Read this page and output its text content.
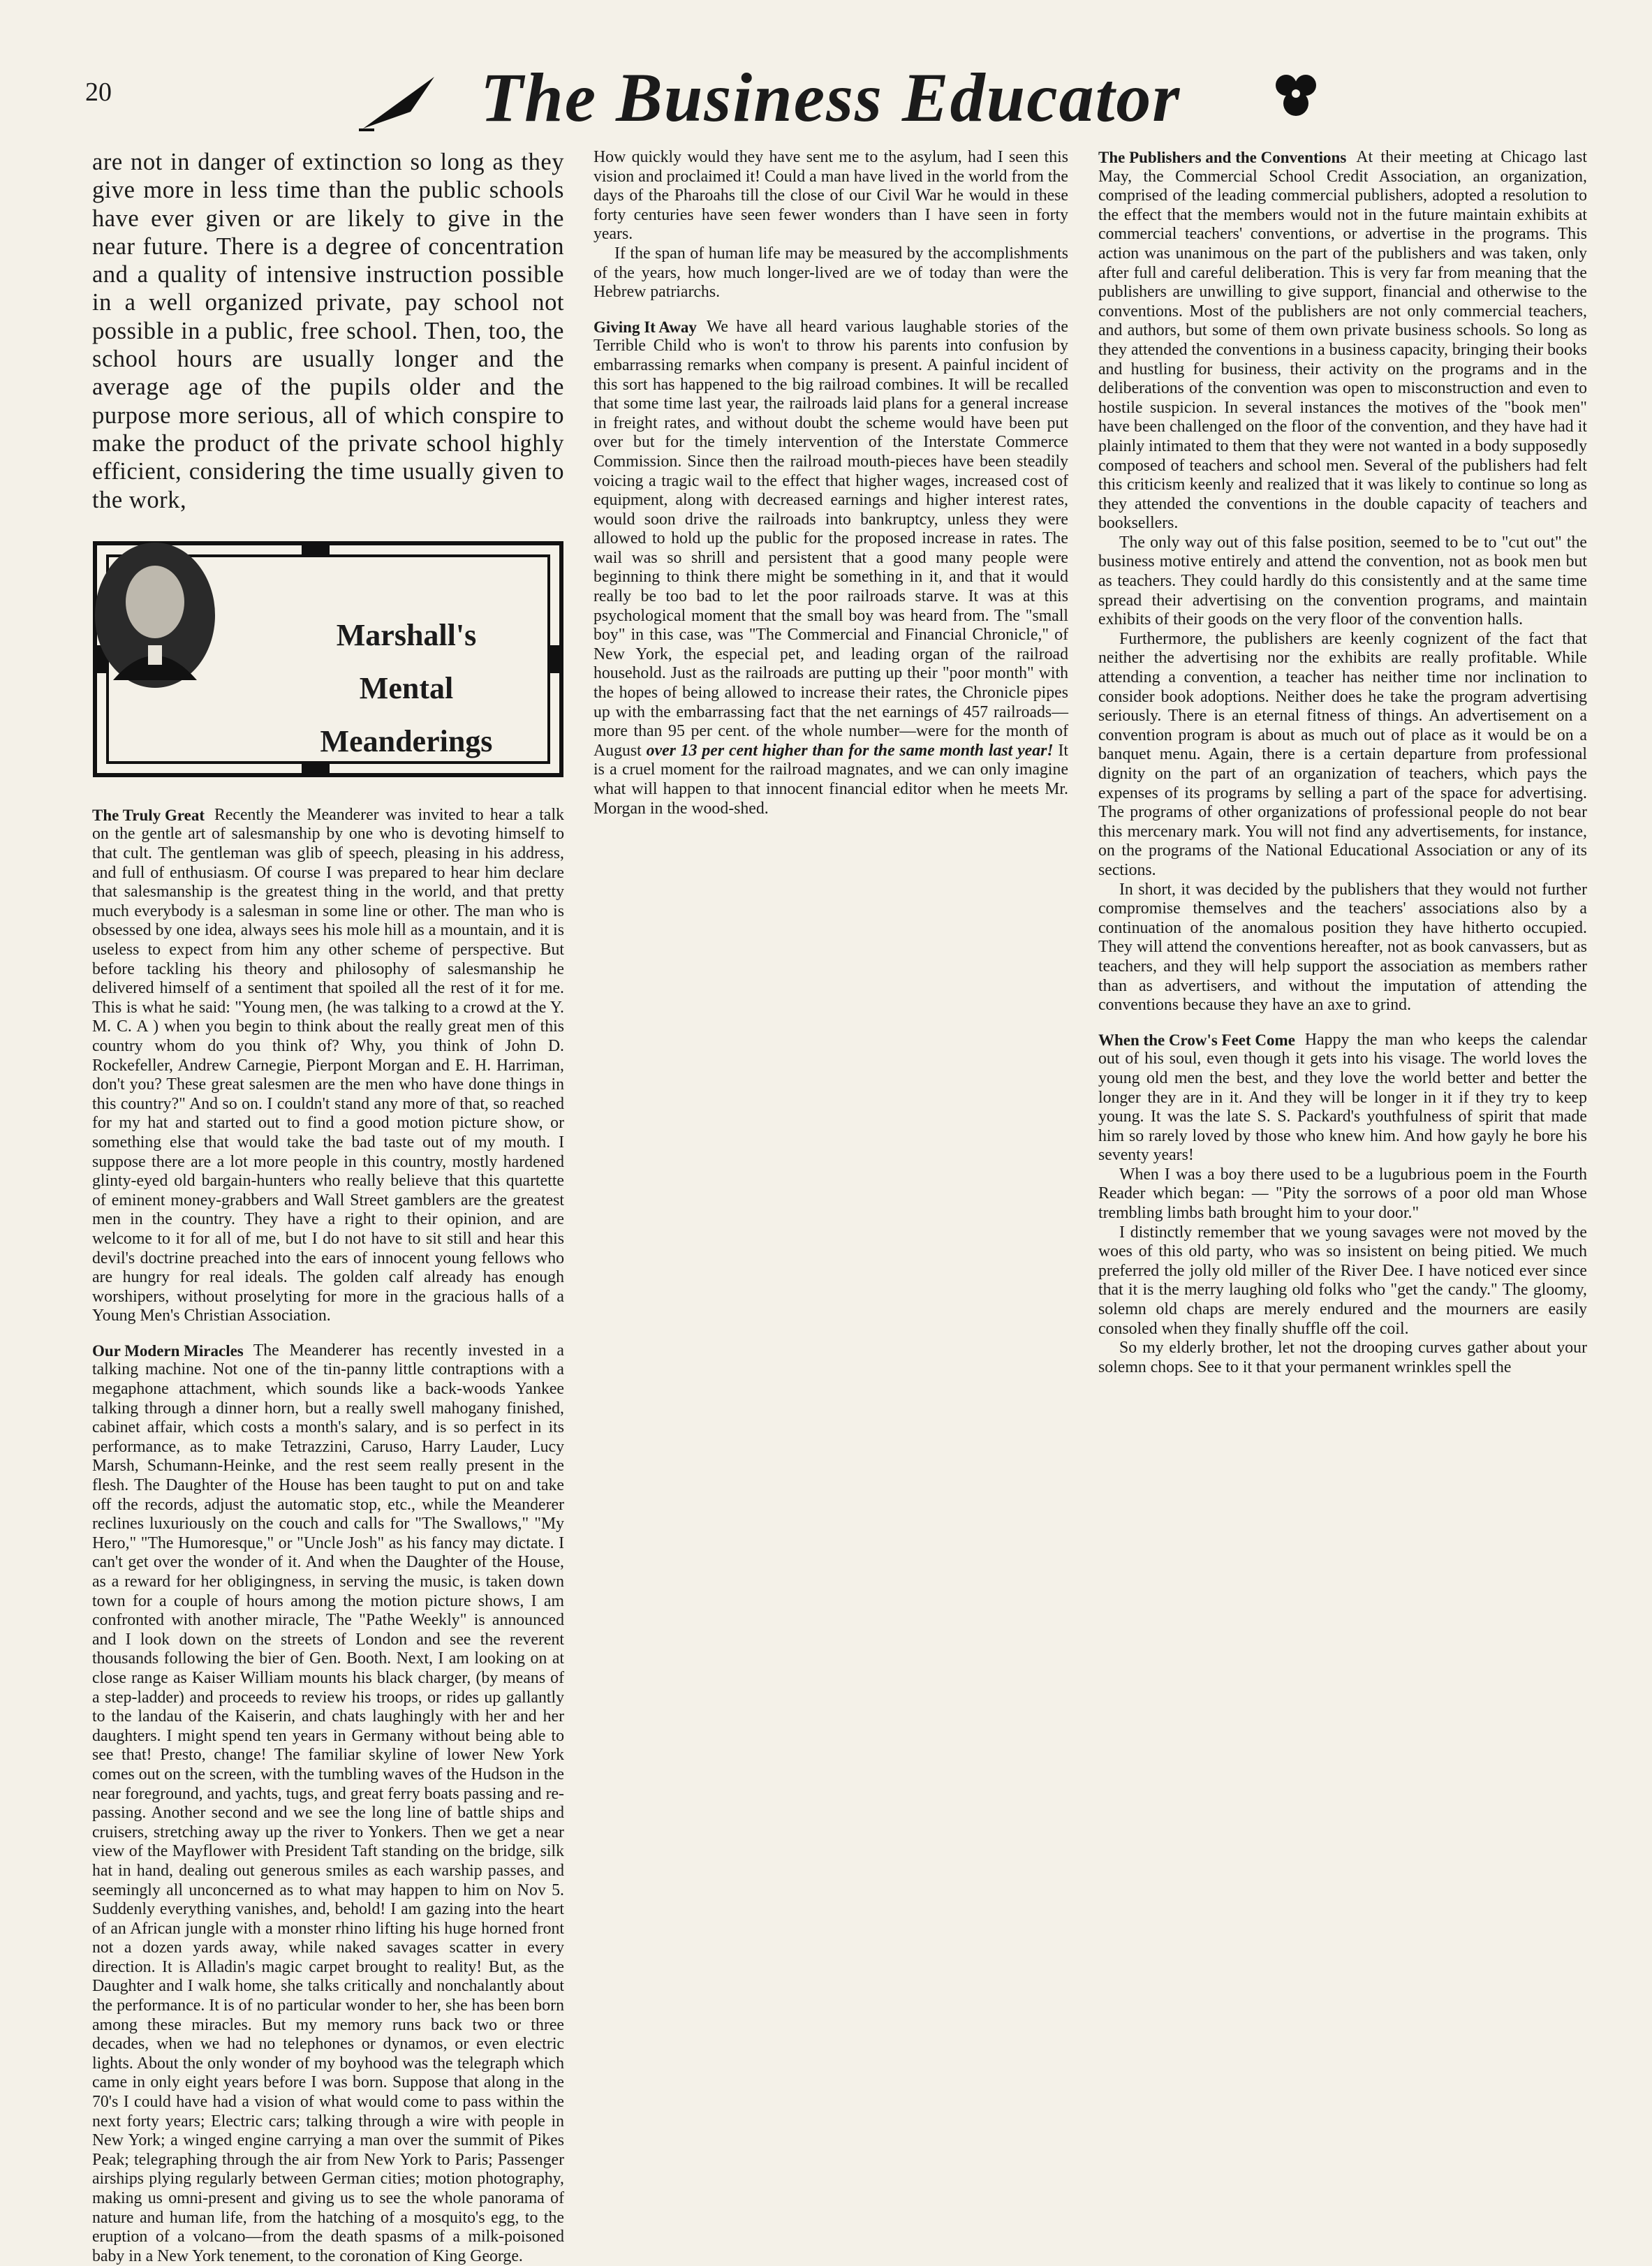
20	The Business Educator

are not in danger of extinction so long as they give more in less time than the public schools have ever given or are likely to give in the near future. There is a degree of concentration and a quality of intensive instruction possible in a well organized private, pay school not possible in a public, free school. Then, too, the school hours are usually longer and the average age of the pupils older and the purpose more serious, all of which conspire to make the product of the private school highly efficient, considering the time usually given to the work,

Marshall's
Mental
Meanderings

The Truly Great Recently the Meanderer was invited to hear a talk on the gentle art of salesmanship by one who is devoting himself to that cult. The gentleman was glib of speech, pleasing in his address, and full of enthusiasm. Of course I was prepared to hear him declare that salesmanship is the greatest thing in the world, and that pretty much everybody is a salesman in some line or other. The man who is obsessed by one idea, always sees his mole hill as a mountain, and it is useless to expect from him any other scheme of perspective. But before tackling his theory and philosophy of salesmanship he delivered himself of a sentiment that spoiled all the rest of it for me. This is what he said: "Young men, (he was talking to a crowd at the Y. M. C. A ) when you begin to think about the really great men of this country whom do you think of? Why, you think of John D. Rockefeller, Andrew Carnegie, Pierpont Morgan and E. H. Harriman, don't you? These great salesmen are the men who have done things in this country?" And so on. I couldn't stand any more of that, so reached for my hat and started out to find a good motion picture show, or something else that would take the bad taste out of my mouth. I suppose there are a lot more people in this country, mostly hardened glinty-eyed old bargain-hunters who really believe that this quartette of eminent money-grabbers and Wall Street gamblers are the greatest men in the country. They have a right to their opinion, and are welcome to it for all of me, but I do not have to sit still and hear this devil's doctrine preached into the ears of innocent young fellows who are hungry for real ideals. The golden calf already has enough worshipers, without proselyting for more in the gracious halls of a Young Men's Christian Association.

Our Modern Miracles The Meanderer has recently invested in a talking machine. Not one of the tin-panny little contraptions with a megaphone attachment, which sounds like a back-woods Yankee talking through a dinner horn, but a really swell mahogany finished, cabinet affair, which costs a month's salary, and is so perfect in its performance, as to make Tetrazzini, Caruso, Harry Lauder, Lucy Marsh, Schumann-Heinke, and the rest seem really present in the flesh. The Daughter of the House has been taught to put on and take off the records, adjust the automatic stop, etc., while the Meanderer reclines luxuriously on the couch and calls for "The Swallows," "My Hero," "The Humoresque," or "Uncle Josh" as his fancy may dictate. I can't get over the wonder of it. And when the Daughter of the House, as a reward for her obligingness, in serving the music, is taken down town for a couple of hours among the motion picture shows, I am confronted with another miracle, The "Pathe Weekly" is announced and I look down on the streets of London and see the reverent thousands following the bier of Gen. Booth. Next, I am looking on at close range as Kaiser William mounts his black charger, (by means of a step-ladder) and proceeds to review his troops, or rides up gallantly to the landau of the Kaiserin, and chats laughingly with her and her daughters. I might spend ten years in Germany without being able to see that! Presto, change! The familiar skyline of lower New York comes out on the screen, with the tumbling waves of the Hudson in the near foreground, and yachts, tugs, and great ferry boats passing and re-passing. Another second and we see the long line of battle ships and cruisers, stretching away up the river to Yonkers. Then we get a near view of the Mayflower with President Taft standing on the bridge, silk hat in hand, dealing out generous smiles as each warship passes, and seemingly all unconcerned as to what may happen to him on Nov 5. Suddenly everything vanishes, and, behold! I am gazing into the heart of an African jungle with a monster rhino lifting his huge horned front not a dozen yards away, while naked savages scatter in every direction. It is Alladin's magic carpet brought to reality! But, as the Daughter and I walk home, she talks critically and nonchalantly about the performance. It is of no particular wonder to her, she has been born among these miracles. But my memory runs back two or three decades, when we had no telephones or dynamos, or even electric lights. About the only wonder of my boyhood was the telegraph which came in only eight years before I was born. Suppose that along in the 70's I could have had a vision of what would come to pass within the next forty years; Electric cars; talking through a wire with people in New York; a winged engine carrying a man over the summit of Pikes Peak; telegraphing through the air from New York to Paris; Passenger airships plying regularly between German cities; motion photography, making us omni-present and giving us to see the whole panorama of nature and human life, from the hatching of a mosquito's egg, to the eruption of a volcano—from the death spasms of a milk-poisoned baby in a New York tenement, to the coronation of King George.

How quickly would they have sent me to the asylum, had I seen this vision and proclaimed it! Could a man have lived in the world from the days of the Pharoahs till the close of our Civil War he would in these forty centuries have seen fewer wonders than I have seen in forty years.

If the span of human life may be measured by the accomplishments of the years, how much longer-lived are we of today than were the Hebrew patriarchs.

Giving It Away We have all heard various laughable stories of the Terrible Child who is won't to throw his parents into confusion by embarrassing remarks when company is present. A painful incident of this sort has happened to the big railroad combines. It will be recalled that some time last year, the railroads laid plans for a general increase in freight rates, and without doubt the scheme would have been put over but for the timely intervention of the Interstate Commerce Commission. Since then the railroad mouth-pieces have been steadily voicing a tragic wail to the effect that higher wages, increased cost of equipment, along with decreased earnings and higher interest rates, would soon drive the railroads into bankruptcy, unless they were allowed to hold up the public for the proposed increase in rates. The wail was so shrill and persistent that a good many people were beginning to think there might be something in it, and that it would really be too bad to let the poor railroads starve. It was at this psychological moment that the small boy was heard from. The "small boy" in this case, was "The Commercial and Financial Chronicle," of New York, the especial pet, and leading organ of the railroad household. Just as the railroads are putting up their "poor month" with the hopes of being allowed to increase their rates, the Chronicle pipes up with the embarrassing fact that the net earnings of 457 railroads—more than 95 per cent. of the whole number—were for the month of August over 13 per cent higher than for the same month last year! It is a cruel moment for the railroad magnates, and we can only imagine what will happen to that innocent financial editor when he meets Mr. Morgan in the wood-shed.

The Publishers and the Conventions At their meeting at Chicago last May, the Commercial School Credit Association, an organization, comprised of the leading commercial publishers, adopted a resolution to the effect that the members would not in the future maintain exhibits at commercial teachers' conventions, or advertise in the programs. This action was unanimous on the part of the publishers and was taken, only after full and careful deliberation. This is very far from meaning that the publishers are unwilling to give support, financial and otherwise to the conventions. Most of the publishers are not only commercial teachers, and authors, but some of them own private business schools. So long as they attended the conventions in a business capacity, bringing their books and hustling for business, their activity on the programs and in the deliberations of the convention was open to misconstruction and even to hostile suspicion. In several instances the motives of the "book men" have been challenged on the floor of the convention, and they have had it plainly intimated to them that they were not wanted in a body supposedly composed of teachers and school men. Several of the publishers had felt this criticism keenly and realized that it was likely to continue so long as they attended the conventions in the double capacity of teachers and booksellers.

The only way out of this false position, seemed to be to "cut out" the business motive entirely and attend the convention, not as book men but as teachers. They could hardly do this consistently and at the same time spread their advertising on the convention programs, and maintain exhibits of their goods on the very floor of the convention halls.

Furthermore, the publishers are keenly cognizent of the fact that neither the advertising nor the exhibits are really profitable. While attending a convention, a teacher has neither time nor inclination to consider book adoptions. Neither does he take the program advertising seriously. There is an eternal fitness of things. An advertisement on a convention program is about as much out of place as it would be on a banquet menu. Again, there is a certain departure from professional dignity on the part of an organization of teachers, which pays the expenses of its programs by selling a part of the space for advertising. The programs of other organizations of professional people do not bear this mercenary mark. You will not find any advertisements, for instance, on the programs of the National Educational Association or any of its sections.

In short, it was decided by the publishers that they would not further compromise themselves and the teachers' associations also by a continuation of the anomalous position they have hitherto occupied. They will attend the conventions hereafter, not as book canvassers, but as teachers, and they will help support the association as members rather than as advertisers, and without the imputation of attending the conventions because they have an axe to grind.

When the Crow's Feet Come Happy the man who keeps the calendar out of his soul, even though it gets into his visage. The world loves the young old men the best, and they love the world better and better the longer they are in it. And they will be longer in it if they try to keep young. It was the late S. S. Packard's youthfulness of spirit that made him so rarely loved by those who knew him. And how gayly he bore his seventy years!

When I was a boy there used to be a lugubrious poem in the Fourth Reader which began: — "Pity the sorrows of a poor old man Whose trembling limbs bath brought him to your door."

I distinctly remember that we young savages were not moved by the woes of this old party, who was so insistent on being pitied. We much preferred the jolly old miller of the River Dee. I have noticed ever since that it is the merry laughing old folks who "get the candy." The gloomy, solemn old chaps are merely endured and the mourners are easily consoled when they finally shuffle off the coil.

So my elderly brother, let not the drooping curves gather about your solemn chops. See to it that your permanent wrinkles spell the
